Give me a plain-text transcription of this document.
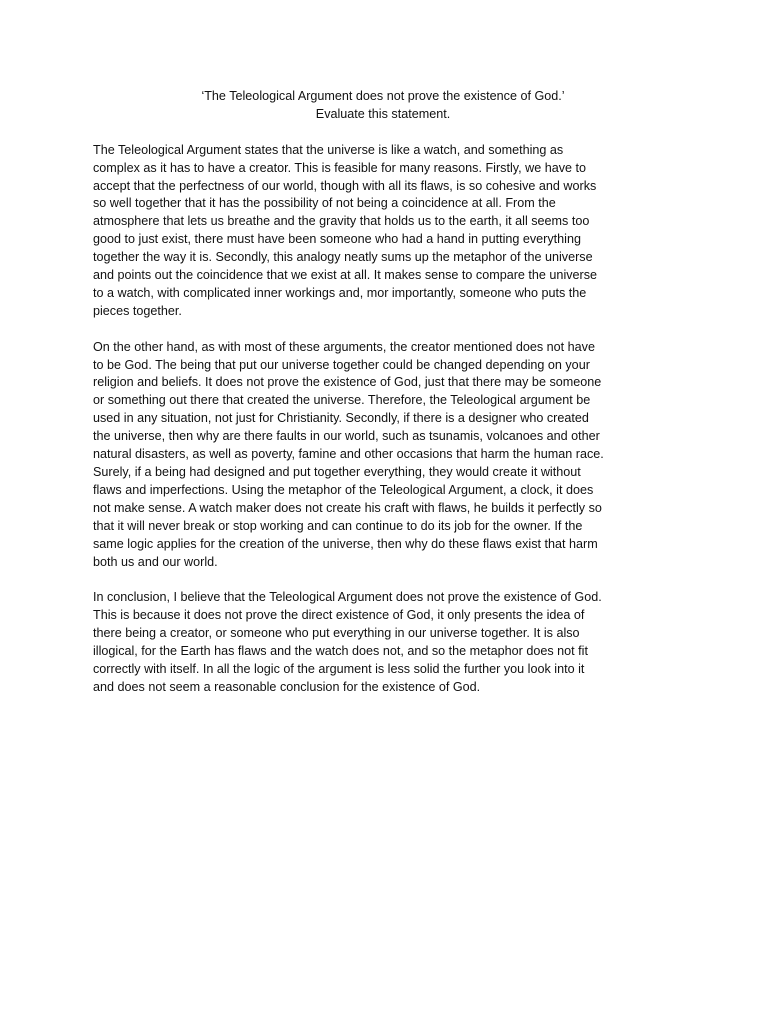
‘The Teleological Argument does not prove the existence of God.’
Evaluate this statement.
The Teleological Argument states that the universe is like a watch, and something as
complex as it has to have a creator. This is feasible for many reasons. Firstly, we have to
accept that the perfectness of our world, though with all its flaws, is so cohesive and works
so well together that it has the possibility of not being a coincidence at all. From the
atmosphere that lets us breathe and the gravity that holds us to the earth, it all seems too
good to just exist, there must have been someone who had a hand in putting everything
together the way it is. Secondly, this analogy neatly sums up the metaphor of the universe
and points out the coincidence that we exist at all. It makes sense to compare the universe
to a watch, with complicated inner workings and, mor importantly, someone who puts the
pieces together.
On the other hand, as with most of these arguments, the creator mentioned does not have
to be God. The being that put our universe together could be changed depending on your
religion and beliefs. It does not prove the existence of God, just that there may be someone
or something out there that created the universe. Therefore, the Teleological argument be
used in any situation, not just for Christianity. Secondly, if there is a designer who created
the universe, then why are there faults in our world, such as tsunamis, volcanoes and other
natural disasters, as well as poverty, famine and other occasions that harm the human race.
Surely, if a being had designed and put together everything, they would create it without
flaws and imperfections. Using the metaphor of the Teleological Argument, a clock, it does
not make sense. A watch maker does not create his craft with flaws, he builds it perfectly so
that it will never break or stop working and can continue to do its job for the owner. If the
same logic applies for the creation of the universe, then why do these flaws exist that harm
both us and our world.
In conclusion, I believe that the Teleological Argument does not prove the existence of God.
This is because it does not prove the direct existence of God, it only presents the idea of
there being a creator, or someone who put everything in our universe together. It is also
illogical, for the Earth has flaws and the watch does not, and so the metaphor does not fit
correctly with itself. In all the logic of the argument is less solid the further you look into it
and does not seem a reasonable conclusion for the existence of God.
